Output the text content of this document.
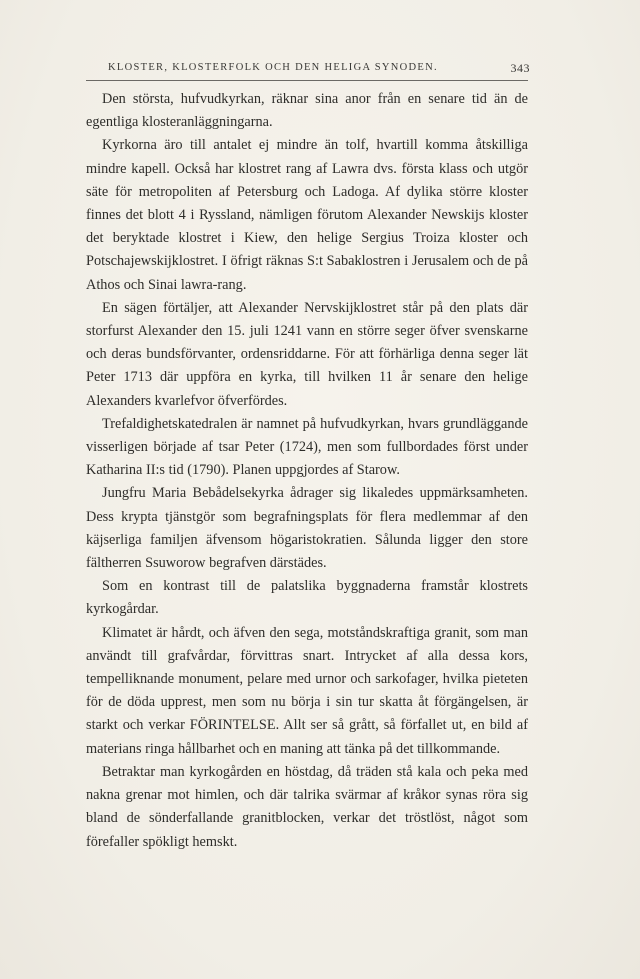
KLOSTER, KLOSTERFOLK OCH DEN HELIGA SYNODEN.	343

Den största, hufvudkyrkan, räknar sina anor från en senare tid än de egentliga klosteranläggningarna.

Kyrkorna äro till antalet ej mindre än tolf, hvartill komma åtskilliga mindre kapell. Också har klostret rang af Lawra dvs. första klass och utgör säte för metropoliten af Petersburg och Ladoga. Af dylika större kloster finnes det blott 4 i Ryssland, nämligen förutom Alexander Newskijs kloster det beryktade klostret i Kiew, den helige Sergius Troiza kloster och Potschajewskijklostret. I öfrigt räknas S:t Sabaklostren i Jerusalem och de på Athos och Sinai lawra-rang.

En sägen förtäljer, att Alexander Nervskijklostret står på den plats där storfurst Alexander den 15. juli 1241 vann en större seger öfver svenskarne och deras bundsförvanter, ordensriddarne. För att förhärliga denna seger lät Peter 1713 där uppföra en kyrka, till hvilken 11 år senare den helige Alexanders kvarlefvor öfverfördes.

Trefaldighetskatedralen är namnet på hufvudkyrkan, hvars grundläggande visserligen började af tsar Peter (1724), men som fullbordades först under Katharina II:s tid (1790). Planen uppgjordes af Starow.

Jungfru Maria Bebådelsekyrka ådrager sig likaledes uppmärksamheten. Dess krypta tjänstgör som begrafningsplats för flera medlemmar af den käjserliga familjen äfvensom högaristokratien. Sålunda ligger den store fältherren Ssuworow begrafven därstädes.

Som en kontrast till de palatslika byggnaderna framstår klostrets kyrkogårdar.

Klimatet är hårdt, och äfven den sega, motståndskraftiga granit, som man användt till grafvårdar, förvittras snart. Intrycket af alla dessa kors, tempelliknande monument, pelare med urnor och sarkofager, hvilka pieteten för de döda upprest, men som nu börja i sin tur skatta åt förgängelsen, är starkt och verkar FÖRINTELSE. Allt ser så grått, så förfallet ut, en bild af materians ringa hållbarhet och en maning att tänka på det tillkommande.

Betraktar man kyrkogården en höstdag, då träden stå kala och peka med nakna grenar mot himlen, och där talrika svärmar af kråkor synas röra sig bland de sönderfallande granitblocken, verkar det tröstlöst, något som förefaller spökligt hemskt.
